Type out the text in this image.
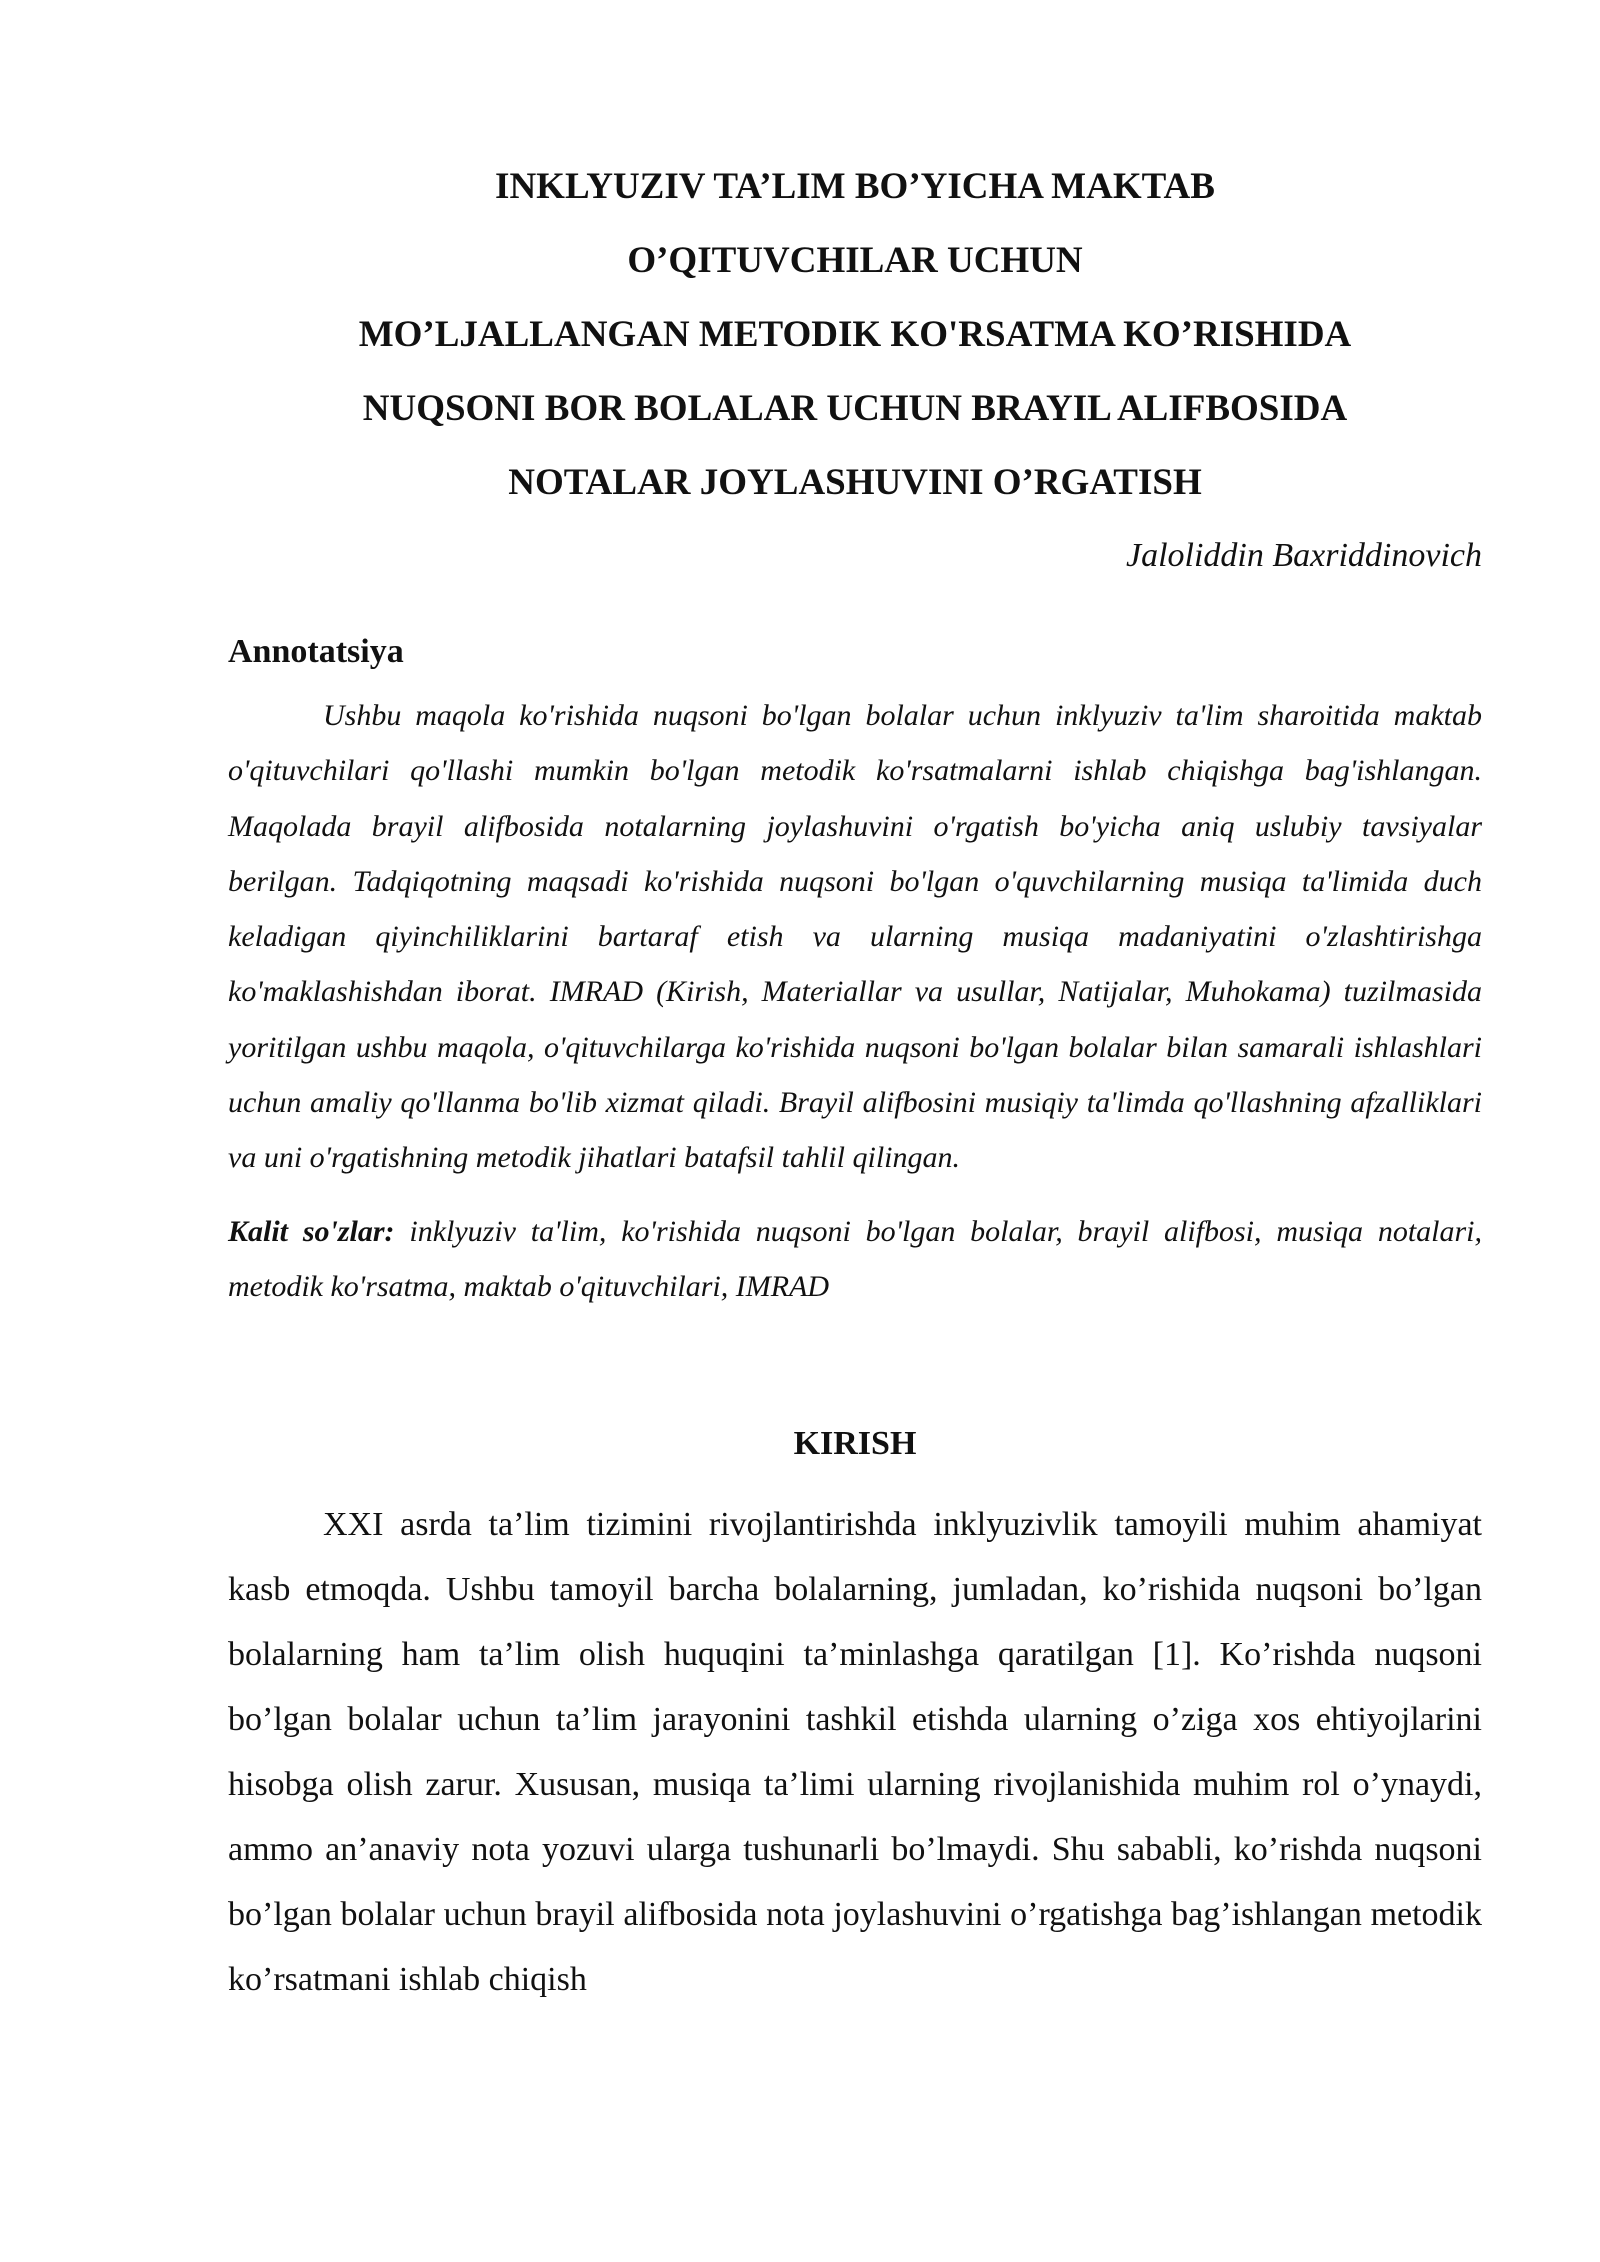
INKLYUZIV TA’LIM BO’YICHA MAKTAB
O’QITUVCHILAR UCHUN
MO’LJALLANGAN METODIK KO'RSATMA KO’RISHIDA
NUQSONI BOR BOLALAR UCHUN BRAYIL ALIFBOSIDA
NOTALAR JOYLASHUVINI O’RGATISH

Jaloliddin Baxriddinovich

Annotatsiya

Ushbu maqola ko'rishida nuqsoni bo'lgan bolalar uchun inklyuziv ta'lim sharoitida maktab o'qituvchilari qo'llashi mumkin bo'lgan metodik ko'rsatmalarni ishlab chiqishga bag'ishlangan. Maqolada brayil alifbosida notalarning joylashuvini o'rgatish bo'yicha aniq uslubiy tavsiyalar berilgan. Tadqiqotning maqsadi ko'rishida nuqsoni bo'lgan o'quvchilarning musiqa ta'limida duch keladigan qiyinchiliklarini bartaraf etish va ularning musiqa madaniyatini o'zlashtirishga ko'maklashishdan iborat. IMRAD (Kirish, Materiallar va usullar, Natijalar, Muhokama) tuzilmasida yoritilgan ushbu maqola, o'qituvchilarga ko'rishida nuqsoni bo'lgan bolalar bilan samarali ishlashlari uchun amaliy qo'llanma bo'lib xizmat qiladi. Brayil alifbosini musiqiy ta'limda qo'llashning afzalliklari va uni o'rgatishning metodik jihatlari batafsil tahlil qilingan.

Kalit so'zlar: inklyuziv ta'lim, ko'rishida nuqsoni bo'lgan bolalar, brayil alifbosi, musiqa notalari, metodik ko'rsatma, maktab o'qituvchilari, IMRAD

KIRISH

XXI asrda ta’lim tizimini rivojlantirishda inklyuzivlik tamoyili muhim ahamiyat kasb etmoqda. Ushbu tamoyil barcha bolalarning, jumladan, ko’rishida nuqsoni bo’lgan bolalarning ham ta’lim olish huquqini ta’minlashga qaratilgan [1]. Ko’rishda nuqsoni bo’lgan bolalar uchun ta’lim jarayonini tashkil etishda ularning o’ziga xos ehtiyojlarini hisobga olish zarur. Xususan, musiqa ta’limi ularning rivojlanishida muhim rol o’ynaydi, ammo an’anaviy nota yozuvi ularga tushunarli bo’lmaydi. Shu sababli, ko’rishda nuqsoni bo’lgan bolalar uchun brayil alifbosida nota joylashuvini o’rgatishga bag’ishlangan metodik ko’rsatmani ishlab chiqish
